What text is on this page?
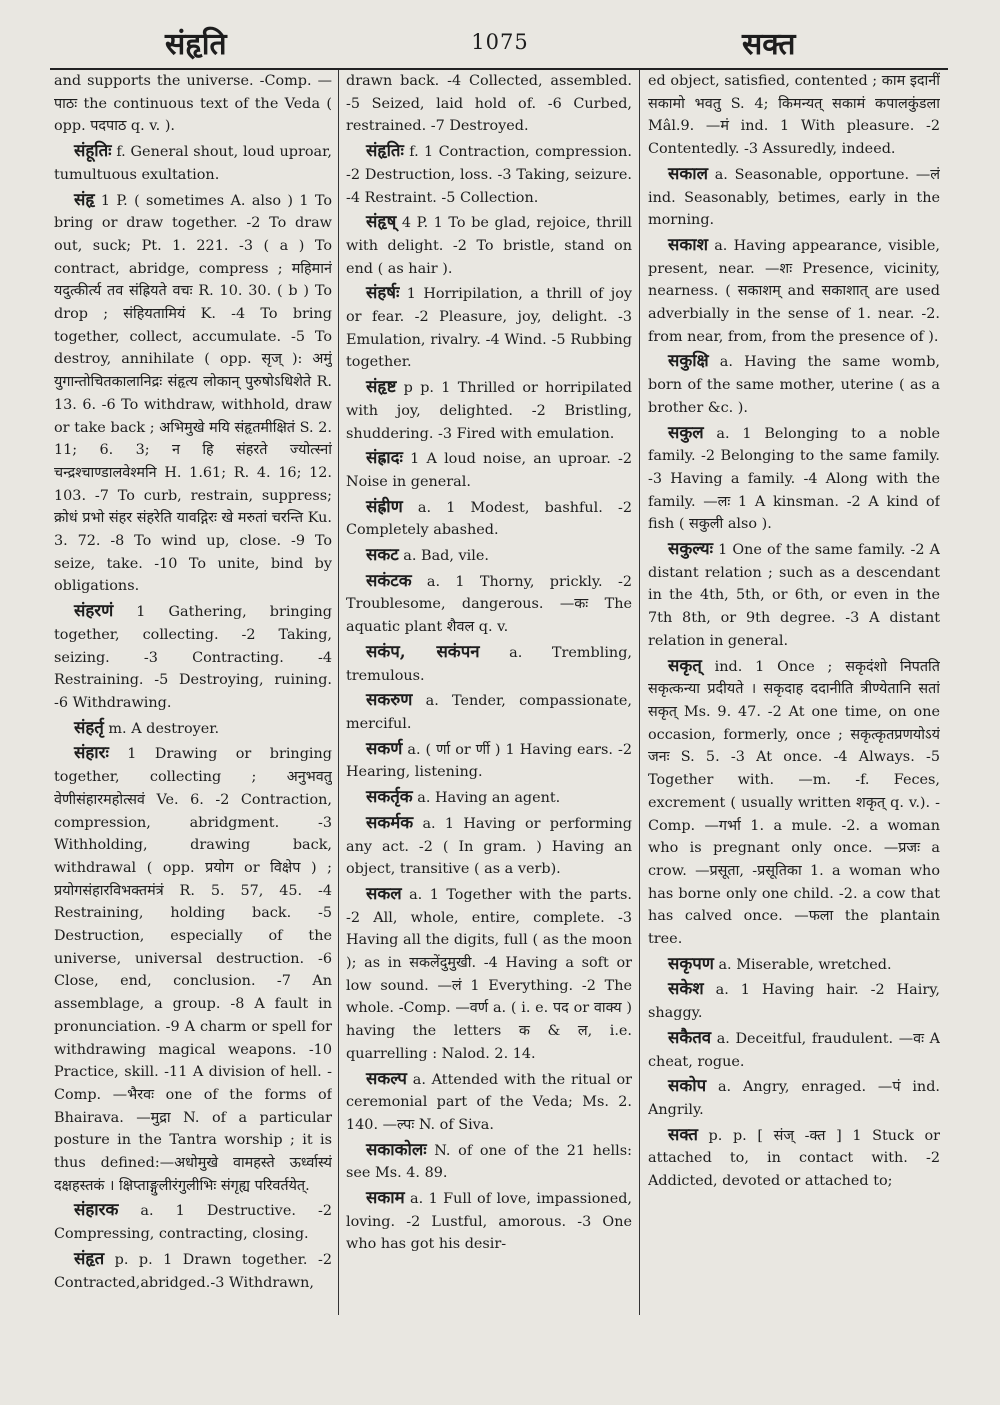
संहृति	1075	सक्त

and supports the universe. -Comp. —पाठः the continuous text of the Veda ( opp. पदपाठ q. v. ).

संहूतिः f. General shout, loud uproar, tumultuous exultation.

संहृ 1 P. ( sometimes A. also ) 1 To bring or draw together. -2 To draw out, suck; Pt. 1. 221. -3 ( a ) To contract, abridge, compress ; महिमानं यदुत्कीर्त्य तव संह्रियते वचः R. 10. 30. ( b ) To drop ; संहियतामियं K. -4 To bring together, collect, accumulate. -5 To destroy, annihilate ( opp. सृज् ): अमुं युगान्तोचितकालानिद्रः संहृत्य लोकान् पुरुषोऽधिशेते R. 13. 6. -6 To withdraw, withhold, draw or take back ; अभिमुखे मयि संहृतमीक्षितं S. 2. 11; 6. 3; न हि संहरते ज्योत्स्नां चन्द्रश्चाण्डालवेश्मनि H. 1.61; R. 4. 16; 12. 103. -7 To curb, restrain, suppress; क्रोधं प्रभो संहर संहरेति यावद्गिरः खे मरुतां चरन्ति Ku. 3. 72. -8 To wind up, close. -9 To seize, take. -10 To unite, bind by obligations.

संहरणं 1 Gathering, bringing together, collecting. -2 Taking, seizing. -3 Contracting. -4 Restraining. -5 Destroying, ruining. -6 Withdrawing.

संहर्तृ m. A destroyer.

संहारः 1 Drawing or bringing together, collecting ; अनुभवतु वेणीसंहारमहोत्सवं Ve. 6. -2 Contraction, compression, abridgment. -3 Withholding, drawing back, withdrawal ( opp. प्रयोग or विक्षेप ) ; प्रयोगसंहारविभक्तमंत्रं R. 5. 57, 45. -4 Restraining, holding back. -5 Destruction, especially of the universe, universal destruction. -6 Close, end, conclusion. -7 An assemblage, a group. -8 A fault in pronunciation. -9 A charm or spell for withdrawing magical weapons. -10 Practice, skill. -11 A division of hell. -Comp. —भैरवः one of the forms of Bhairava. —मुद्रा N. of a particular posture in the Tantra worship ; it is thus defined:—अधोमुखे वामहस्ते ऊर्ध्वास्यं दक्षहस्तकं । क्षिप्ताङ्गुलीरंगुलीभिः संगृह्य परिवर्तयेत्.

संहारक a. 1 Destructive. -2 Compressing, contracting, closing.

संहृत p. p. 1 Drawn together. -2 Contracted,abridged.-3 Withdrawn,

drawn back. -4 Collected, assembled. -5 Seized, laid hold of. -6 Curbed, restrained. -7 Destroyed.

संहृतिः f. 1 Contraction, compression. -2 Destruction, loss. -3 Taking, seizure. -4 Restraint. -5 Collection.

संहृष् 4 P. 1 To be glad, rejoice, thrill with delight. -2 To bristle, stand on end ( as hair ).

संहर्षः 1 Horripilation, a thrill of joy or fear. -2 Pleasure, joy, delight. -3 Emulation, rivalry. -4 Wind. -5 Rubbing together.

संहृष्ट p p. 1 Thrilled or horripilated with joy, delighted. -2 Bristling, shuddering. -3 Fired with emulation.

संह्रादः 1 A loud noise, an uproar. -2 Noise in general.

संह्रीण a. 1 Modest, bashful. -2 Completely abashed.

सकट a. Bad, vile.

सकंटक a. 1 Thorny, prickly. -2 Troublesome, dangerous. —कः The aquatic plant शैवल q. v.

सकंप, सकंपन a. Trembling, tremulous.

सकरुण a. Tender, compassionate, merciful.

सकर्ण a. ( र्णा or र्णी ) 1 Having ears. -2 Hearing, listening.

सकर्तृक a. Having an agent.

सकर्मक a. 1 Having or performing any act. -2 ( In gram. ) Having an object, transitive ( as a verb).

सकल a. 1 Together with the parts. -2 All, whole, entire, complete. -3 Having all the digits, full ( as the moon ); as in सकलेंदुमुखी. -4 Having a soft or low sound. —लं 1 Everything. -2 The whole. -Comp. —वर्ण a. ( i. e. पद or वाक्य ) having the letters क & ल, i.e. quarrelling : Nalod. 2. 14.

सकल्प a. Attended with the ritual or ceremonial part of the Veda; Ms. 2. 140. —ल्पः N. of Siva.

सकाकोलः N. of one of the 21 hells: see Ms. 4. 89.

सकाम a. 1 Full of love, impassioned, loving. -2 Lustful, amorous. -3 One who has got his desir-

ed object, satisfied, contented ; काम इदानीं सकामो भवतु S. 4; किमन्यत् सकामं कपालकुंडला Mâl.9. —मं ind. 1 With pleasure. -2 Contentedly. -3 Assuredly, indeed.

सकाल a. Seasonable, opportune. —लं ind. Seasonably, betimes, early in the morning.

सकाश a. Having appearance, visible, present, near. —शः Presence, vicinity, nearness. ( सकाशम् and सकाशात् are used adverbially in the sense of 1. near. -2. from near, from, from the presence of ).

सकुक्षि a. Having the same womb, born of the same mother, uterine ( as a brother &c. ).

सकुल a. 1 Belonging to a noble family. -2 Belonging to the same family. -3 Having a family. -4 Along with the family. —लः 1 A kinsman. -2 A kind of fish ( सकुली also ).

सकुल्यः 1 One of the same family. -2 A distant relation ; such as a descendant in the 4th, 5th, or 6th, or even in the 7th 8th, or 9th degree. -3 A distant relation in general.

सकृत् ind. 1 Once ; सकृदंशो निपतति सकृत्कन्या प्रदीयते । सकृदाह ददानीति त्रीण्येतानि सतां सकृत् Ms. 9. 47. -2 At one time, on one occasion, formerly, once ; सकृत्कृतप्रणयोऽयं जनः S. 5. -3 At once. -4 Always. -5 Together with. —m. -f. Feces, excrement ( usually written शकृत् q. v.). -Comp. —गर्भा 1. a mule. -2. a woman who is pregnant only once. —प्रजः a crow. —प्रसूता, -प्रसूतिका 1. a woman who has borne only one child. -2. a cow that has calved once. —फला the plantain tree.

सकृपण a. Miserable, wretched.

सकेश a. 1 Having hair. -2 Hairy, shaggy.

सकैतव a. Deceitful, fraudulent. —वः A cheat, rogue.

सकोप a. Angry, enraged. —पं ind. Angrily.

सक्त p. p. [ संज् -क्त ] 1 Stuck or attached to, in contact with. -2 Addicted, devoted or attached to;
